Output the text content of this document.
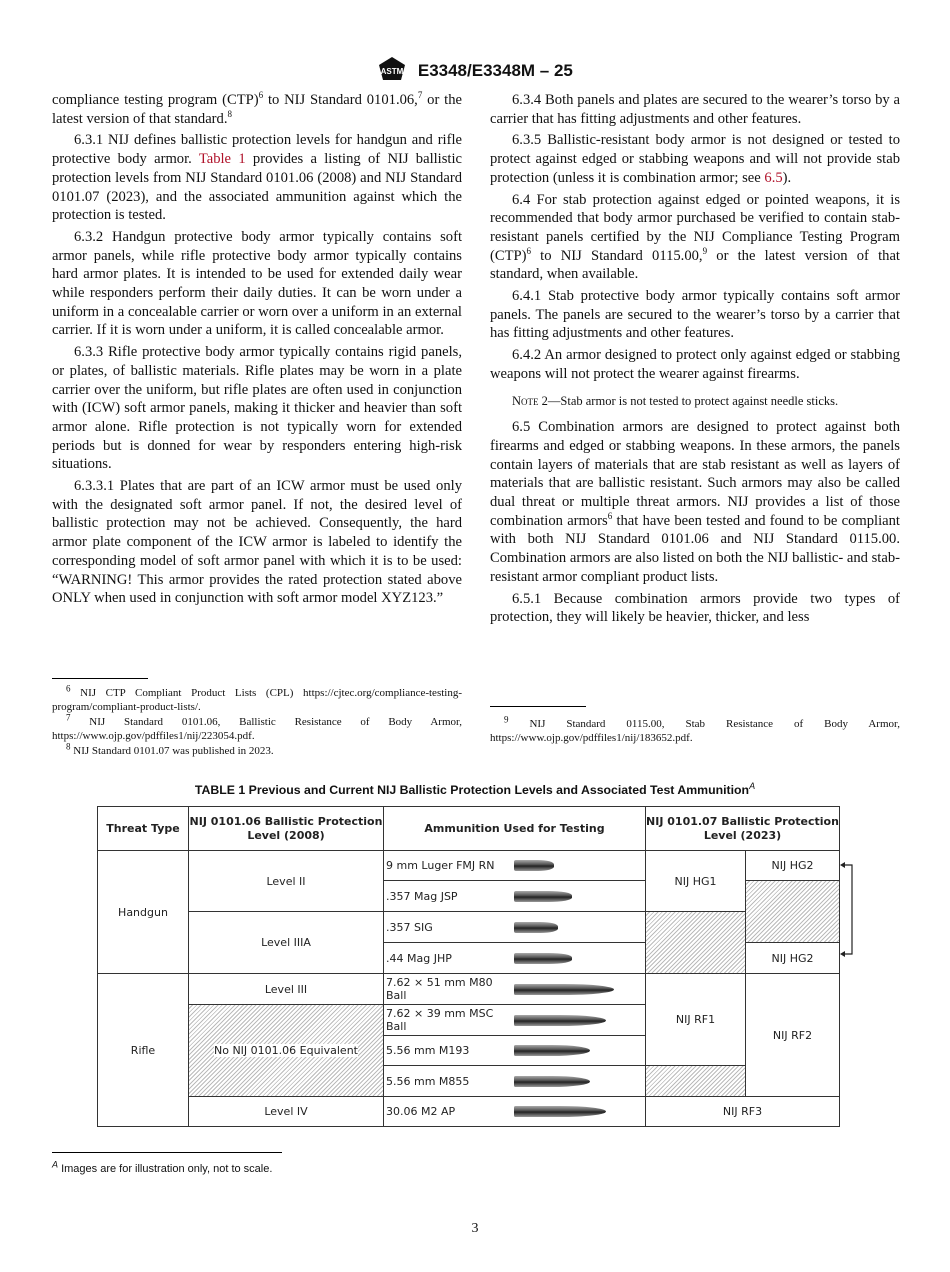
ASTM E3348/E3348M – 25

compliance testing program (CTP)$^6$ to NIJ Standard 0101.06,$^7$ or the latest version of that standard.$^8$

6.3.1 NIJ defines ballistic protection levels for handgun and rifle protective body armor. Table 1 provides a listing of NIJ ballistic protection levels from NIJ Standard 0101.06 (2008) and NIJ Standard 0101.07 (2023), and the associated ammunition against which the protection is tested.

6.3.2 Handgun protective body armor typically contains soft armor panels, while rifle protective body armor typically contains hard armor plates. It is intended to be used for extended daily wear while responders perform their daily duties. It can be worn under a uniform in a concealable carrier or worn over a uniform in an external carrier. If it is worn under a uniform, it is called concealable armor.

6.3.3 Rifle protective body armor typically contains rigid panels, or plates, of ballistic materials. Rifle plates may be worn in a plate carrier over the uniform, but rifle plates are often used in conjunction with (ICW) soft armor panels, making it thicker and heavier than soft armor alone. Rifle protection is not typically worn for extended periods but is donned for wear by responders entering high-risk situations.

6.3.3.1 Plates that are part of an ICW armor must be used only with the designated soft armor panel. If not, the desired level of ballistic protection may not be achieved. Consequently, the hard armor plate component of the ICW armor is labeled to identify the corresponding model of soft armor panel with which it is to be used: “WARNING! This armor provides the rated protection stated above ONLY when used in conjunction with soft armor model XYZ123.”

6.3.4 Both panels and plates are secured to the wearer’s torso by a carrier that has fitting adjustments and other features.

6.3.5 Ballistic-resistant body armor is not designed or tested to protect against edged or stabbing weapons and will not provide stab protection (unless it is combination armor; see 6.5).

6.4 For stab protection against edged or pointed weapons, it is recommended that body armor purchased be verified to contain stab-resistant panels certified by the NIJ Compliance Testing Program (CTP)$^6$ to NIJ Standard 0115.00,$^9$ or the latest version of that standard, when available.

6.4.1 Stab protective body armor typically contains soft armor panels. The panels are secured to the wearer’s torso by a carrier that has fitting adjustments and other features.

6.4.2 An armor designed to protect only against edged or stabbing weapons will not protect the wearer against firearms.

Note 2—Stab armor is not tested to protect against needle sticks.

6.5 Combination armors are designed to protect against both firearms and edged or stabbing weapons. In these armors, the panels contain layers of materials that are stab resistant as well as layers of materials that are ballistic resistant. Such armors may also be called dual threat or multiple threat armors. NIJ provides a list of those combination armors$^6$ that have been tested and found to be compliant with both NIJ Standard 0101.06 and NIJ Standard 0115.00. Combination armors are also listed on both the NIJ ballistic- and stab-resistant armor compliant product lists.

6.5.1 Because combination armors provide two types of protection, they will likely be heavier, thicker, and less

$^6$ NIJ CTP Compliant Product Lists (CPL) https://cjtec.org/compliance-testing-program/compliant-product-lists/.
$^7$ NIJ Standard 0101.06, Ballistic Resistance of Body Armor, https://www.ojp.gov/pdffiles1/nij/223054.pdf.
$^8$ NIJ Standard 0101.07 was published in 2023.
$^9$ NIJ Standard 0115.00, Stab Resistance of Body Armor, https://www.ojp.gov/pdffiles1/nij/183652.pdf.
TABLE 1 Previous and Current NIJ Ballistic Protection Levels and Associated Test Ammunition$^A$
Threat Type
NIJ 0101.06 Ballistic Protection Level (2008)
Ammunition Used for Testing
NIJ 0101.07 Ballistic Protection Level (2023)
Handgun
Rifle
Level II
Level IIIA
Level III
No NIJ 0101.06 Equivalent
Level IV
NIJ HG1
NIJ HG2
NIJ HG2
NIJ RF1
NIJ RF2
NIJ RF3
9 mm Luger FMJ RN
.357 Mag JSP
.357 SIG
.44 Mag JHP
7.62 × 51 mm M80 Ball
7.62 × 39 mm MSC Ball
5.56 mm M193
5.56 mm M855
30.06 M2 AP
$^A$ Images are for illustration only, not to scale.
3
